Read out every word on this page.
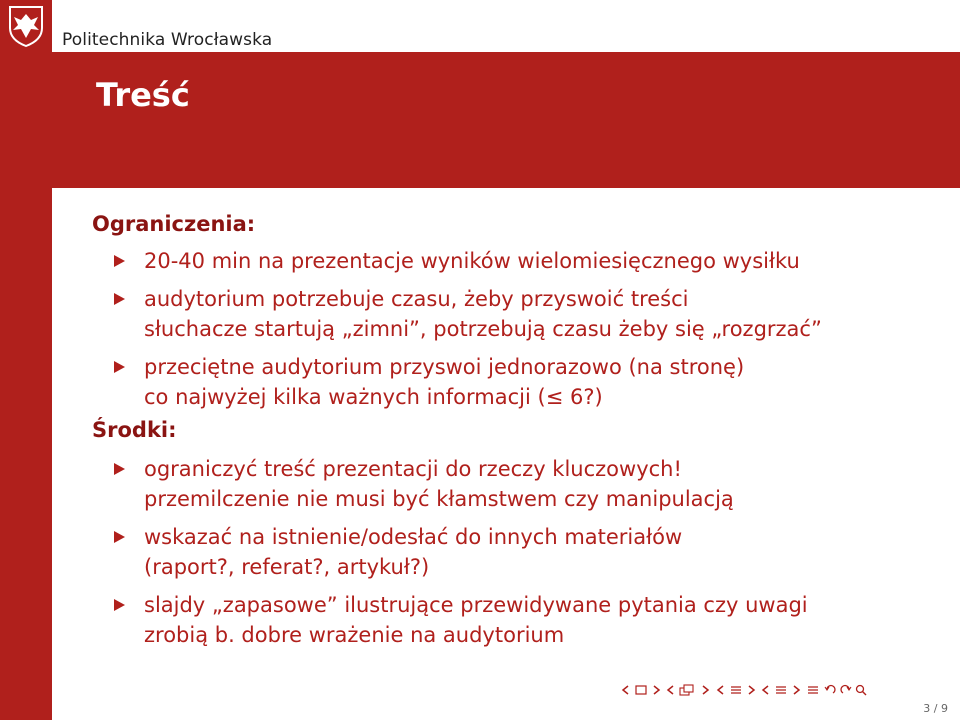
Politechnika Wrocławska
Treść
Ograniczenia:
20-40 min na prezentacje wyników wielomiesięcznego wysiłku
audytorium potrzebuje czasu, żeby przyswoić treści
słuchacze startują „zimni”, potrzebują czasu żeby się „rozgrzać”
przeciętne audytorium przyswoi jednorazowo (na stronę)
co najwyżej kilka ważnych informacji (≤ 6?)
Środki:
ograniczyć treść prezentacji do rzeczy kluczowych!
przemilczenie nie musi być kłamstwem czy manipulacją
wskazać na istnienie/odesłać do innych materiałów
(raport?, referat?, artykuł?)
slajdy „zapasowe” ilustrujące przewidywane pytania czy uwagi
zrobią b. dobre wrażenie na audytorium

3 / 9
